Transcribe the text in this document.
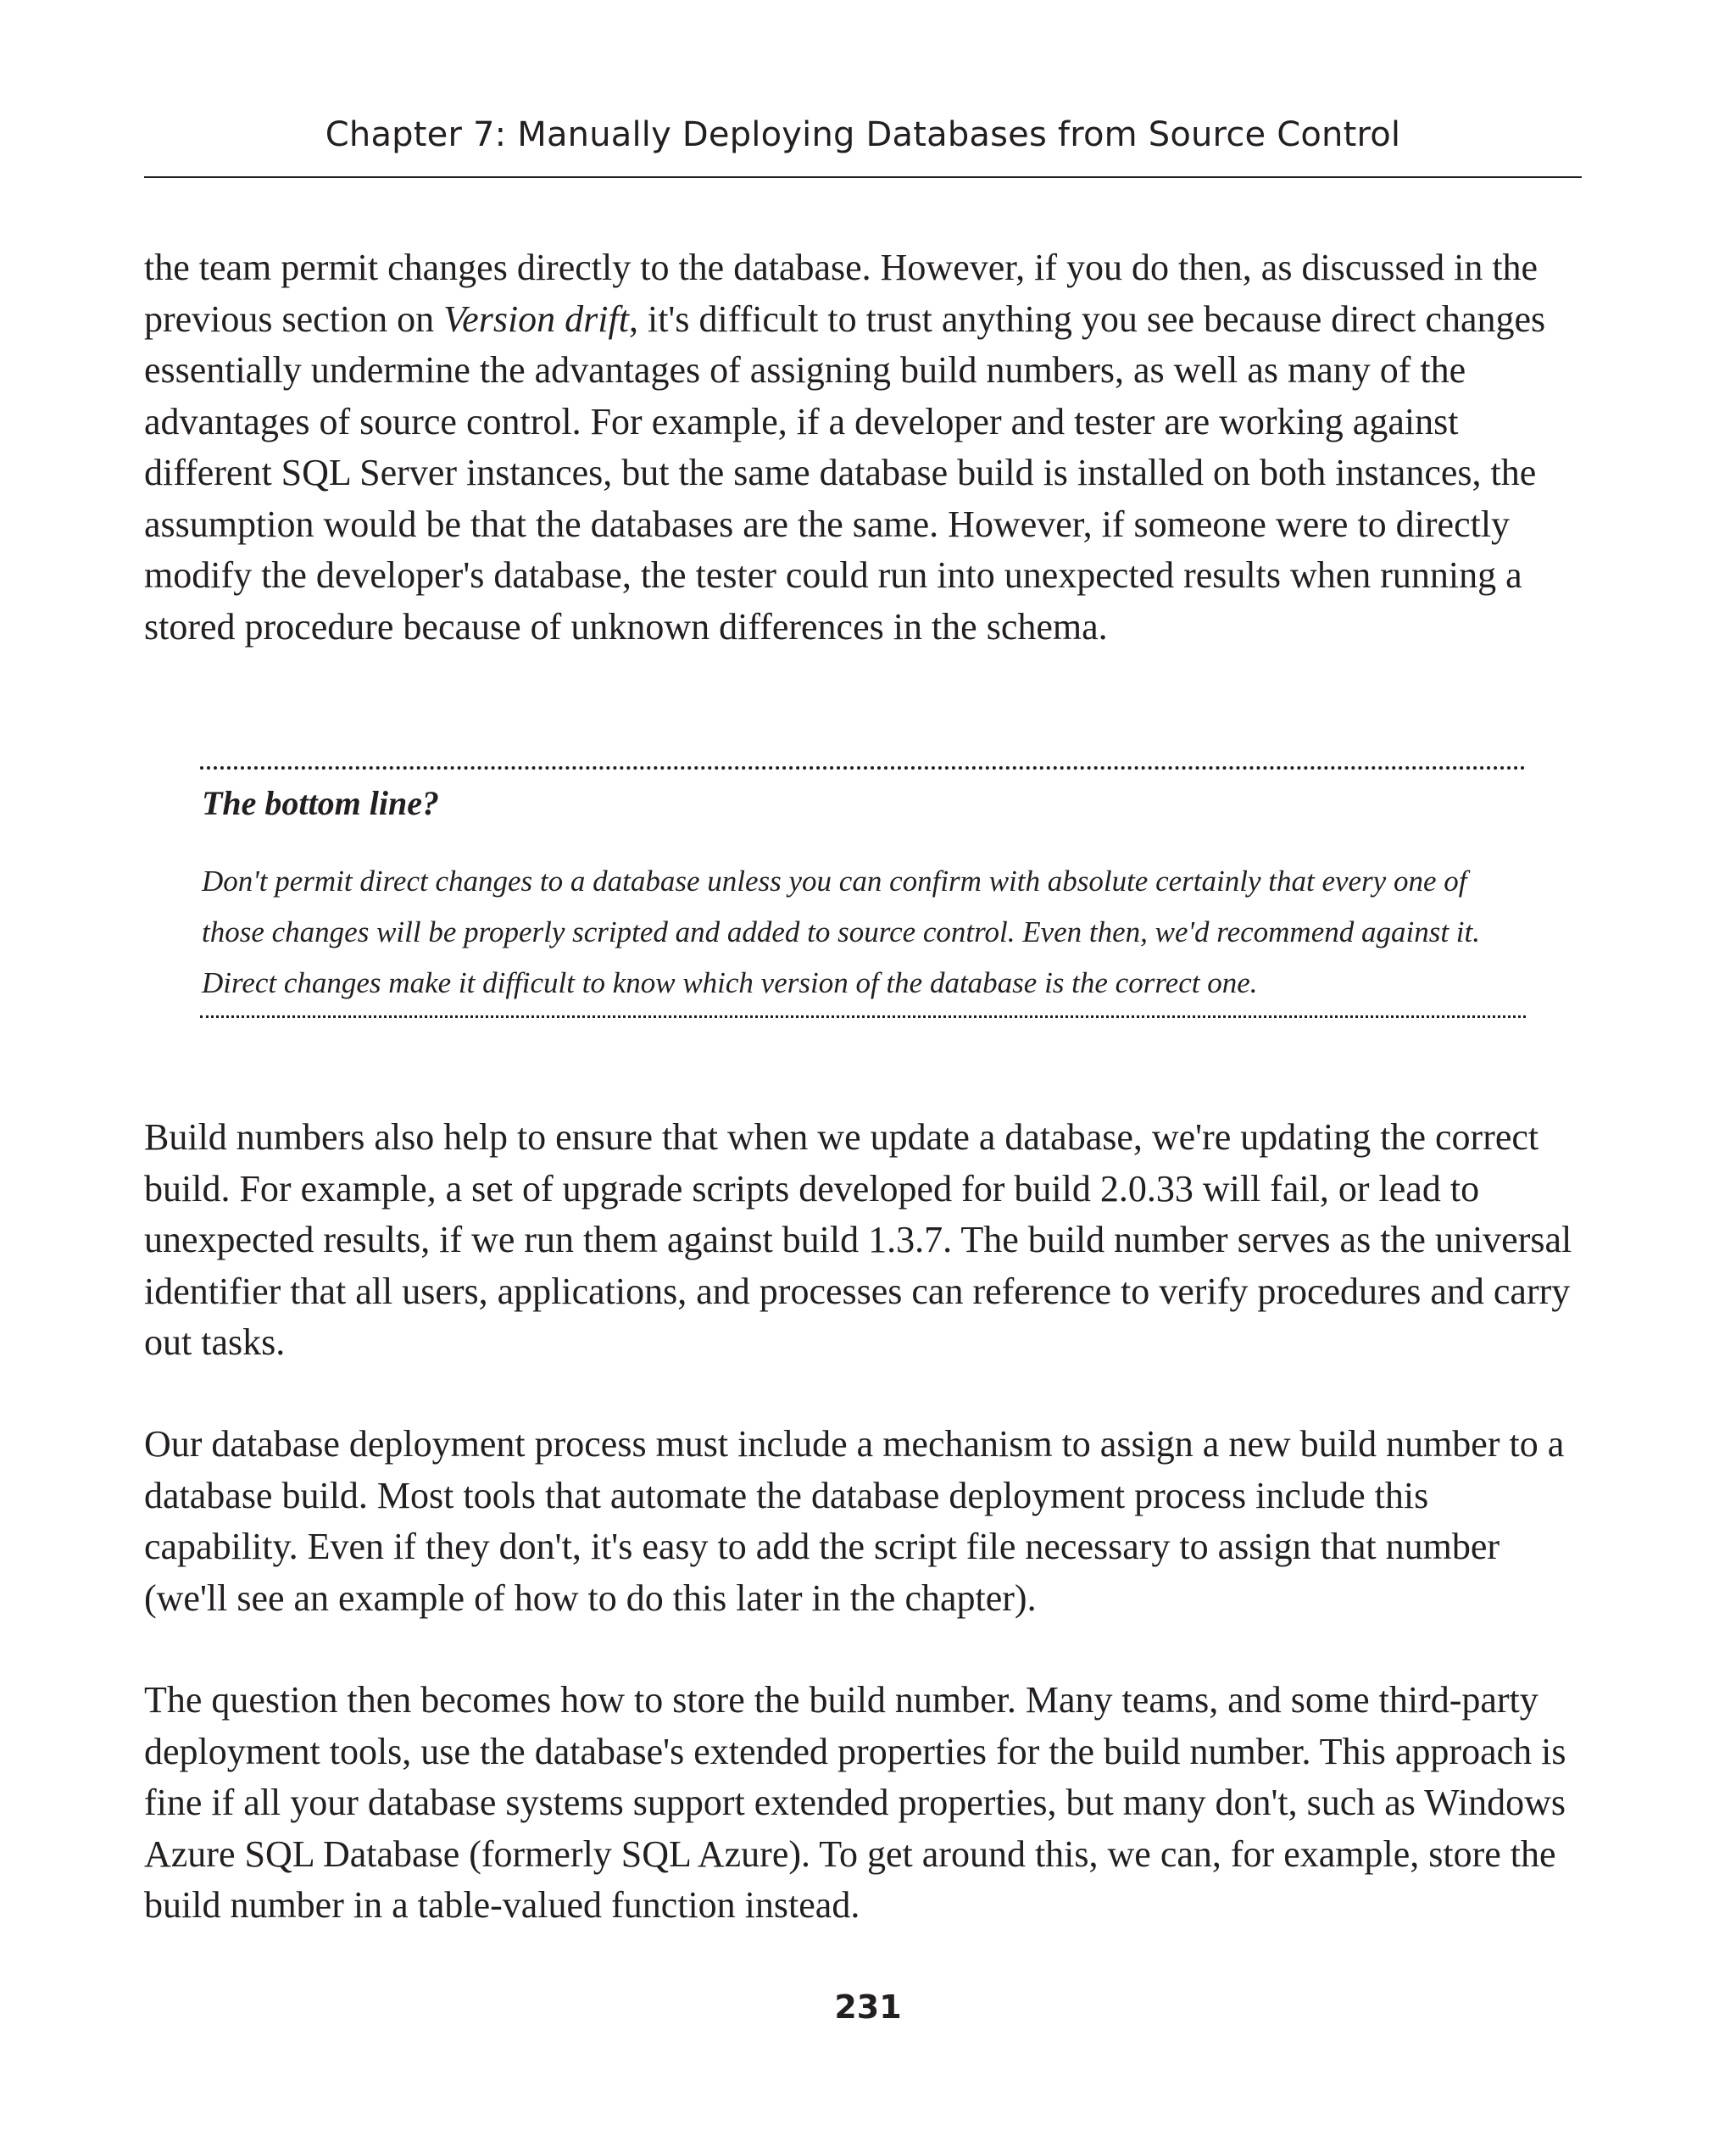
Chapter 7: Manually Deploying Databases from Source Control

the team permit changes directly to the database. However, if you do then, as discussed in the previous section on Version drift, it's difficult to trust anything you see because direct changes essentially undermine the advantages of assigning build numbers, as well as many of the advantages of source control. For example, if a developer and tester are working against different SQL Server instances, but the same database build is installed on both instances, the assumption would be that the databases are the same. However, if someone were to directly modify the developer's database, the tester could run into unexpected results when running a stored procedure because of unknown differences in the schema.

The bottom line?

Don't permit direct changes to a database unless you can confirm with absolute certainly that every one of those changes will be properly scripted and added to source control. Even then, we'd recommend against it. Direct changes make it difficult to know which version of the database is the correct one.

Build numbers also help to ensure that when we update a database, we're updating the correct build. For example, a set of upgrade scripts developed for build 2.0.33 will fail, or lead to unexpected results, if we run them against build 1.3.7. The build number serves as the universal identifier that all users, applications, and processes can reference to verify procedures and carry out tasks.

Our database deployment process must include a mechanism to assign a new build number to a database build. Most tools that automate the database deployment process include this capability. Even if they don't, it's easy to add the script file necessary to assign that number (we'll see an example of how to do this later in the chapter).

The question then becomes how to store the build number. Many teams, and some third-party deployment tools, use the database's extended properties for the build number. This approach is fine if all your database systems support extended properties, but many don't, such as Windows Azure SQL Database (formerly SQL Azure). To get around this, we can, for example, store the build number in a table-valued function instead.

231
